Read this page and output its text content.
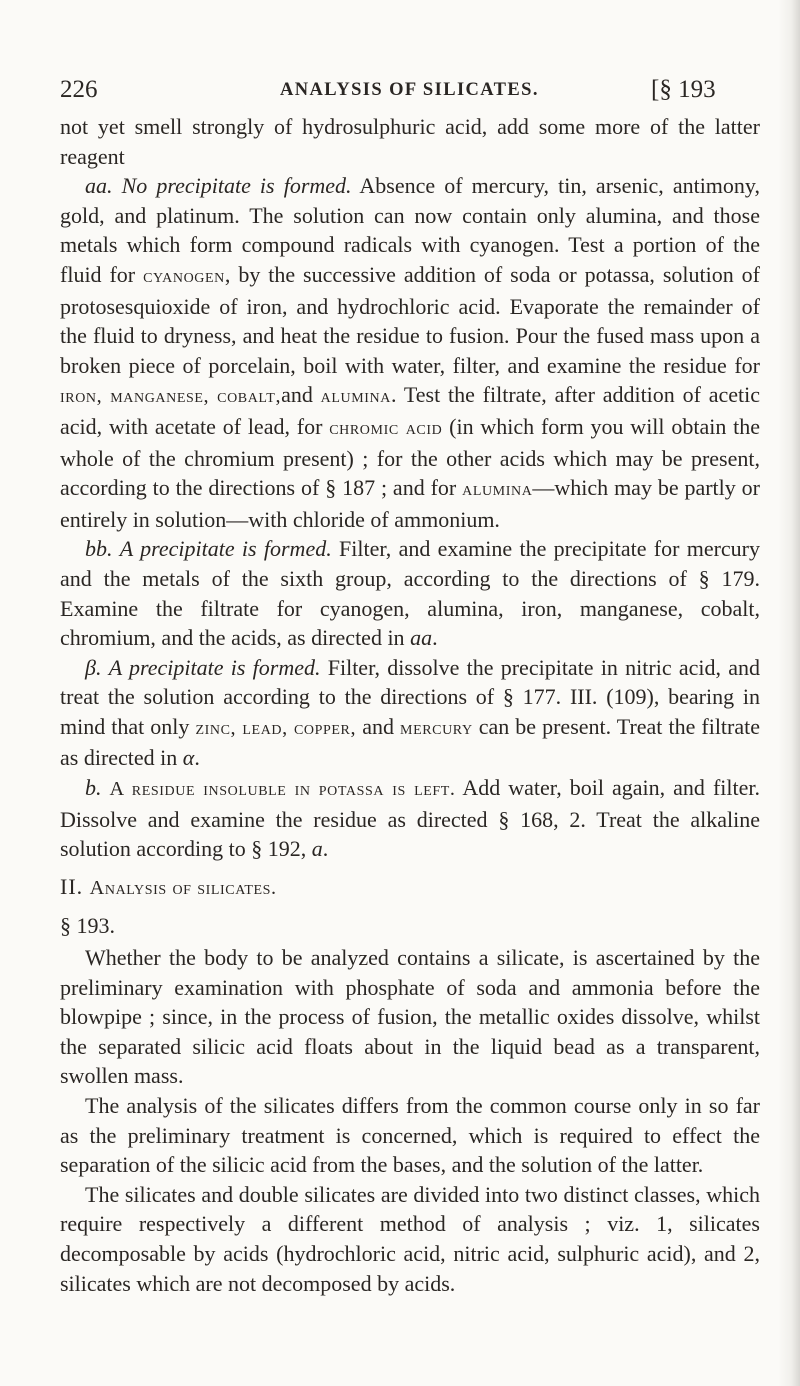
226	ANALYSIS OF SILICATES.	[§ 193

not yet smell strongly of hydrosulphuric acid, add some more of the latter reagent

aa. No precipitate is formed. Absence of mercury, tin, arsenic, antimony, gold, and platinum. The solution can now contain only alumina, and those metals which form compound radicals with cyanogen. Test a portion of the fluid for cyanogen, by the successive addition of soda or potassa, solution of protosesquioxide of iron, and hydrochloric acid. Evaporate the remainder of the fluid to dryness, and heat the residue to fusion. Pour the fused mass upon a broken piece of porcelain, boil with water, filter, and examine the residue for iron, manganese, cobalt,and alumina. Test the filtrate, after addition of acetic acid, with acetate of lead, for chromic acid (in which form you will obtain the whole of the chromium present) ; for the other acids which may be present, according to the directions of § 187 ; and for alumina—which may be partly or entirely in solution—with chloride of ammonium.

bb. A precipitate is formed. Filter, and examine the precipitate for mercury and the metals of the sixth group, according to the directions of § 179. Examine the filtrate for cyanogen, alumina, iron, manganese, cobalt, chromium, and the acids, as directed in aa.

β. A precipitate is formed. Filter, dissolve the precipitate in nitric acid, and treat the solution according to the directions of § 177. III. (109), bearing in mind that only zinc, lead, copper, and mercury can be present. Treat the filtrate as directed in α.

b. A residue insoluble in potassa is left. Add water, boil again, and filter. Dissolve and examine the residue as directed § 168, 2. Treat the alkaline solution according to § 192, a.

II. Analysis of silicates.

§ 193.

Whether the body to be analyzed contains a silicate, is ascertained by the preliminary examination with phosphate of soda and ammonia before the blowpipe ; since, in the process of fusion, the metallic oxides dissolve, whilst the separated silicic acid floats about in the liquid bead as a transparent, swollen mass.

The analysis of the silicates differs from the common course only in so far as the preliminary treatment is concerned, which is required to effect the separation of the silicic acid from the bases, and the solution of the latter.

The silicates and double silicates are divided into two distinct classes, which require respectively a different method of analysis ; viz. 1, silicates decomposable by acids (hydrochloric acid, nitric acid, sulphuric acid), and 2, silicates which are not decomposed by acids.
